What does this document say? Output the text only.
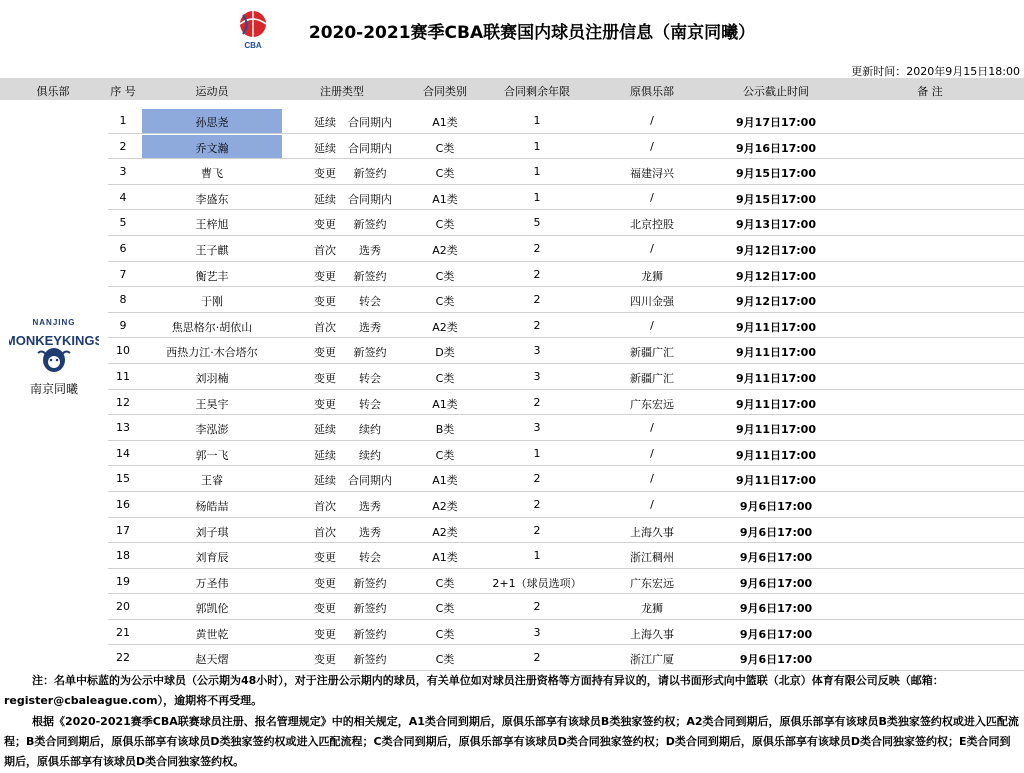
CBA
2020-2021赛季CBA联赛国内球员注册信息（南京同曦）
更新时间：2020年9月15日18:00
俱乐部	序 号	运动员	注册类型	合同类别	合同剩余年限	原俱乐部	公示截止时间	备 注
NANJING
MONKEYKINGS
南京同曦
1	孙思尧	延续 合同期内	A1类	1	/	9月17日17:00
2	乔文瀚	延续 合同期内	C类	1	/	9月16日17:00
3	曹飞	变更 新签约	C类	1	福建浔兴	9月15日17:00
4	李盛东	延续 合同期内	A1类	1	/	9月15日17:00
5	王梓旭	变更 新签约	C类	5	北京控股	9月13日17:00
6	王子麒	首次 选秀	A2类	2	/	9月12日17:00
7	衡艺丰	变更 新签约	C类	2	龙狮	9月12日17:00
8	于刚	变更 转会	C类	2	四川金强	9月12日17:00
9	焦思格尔·胡依山	首次 选秀	A2类	2	/	9月11日17:00
10	西热力江·木合塔尔	变更 新签约	D类	3	新疆广汇	9月11日17:00
11	刘羽楠	变更 转会	C类	3	新疆广汇	9月11日17:00
12	王昊宇	变更 转会	A1类	2	广东宏远	9月11日17:00
13	李泓澎	延续 续约	B类	3	/	9月11日17:00
14	郭一飞	延续 续约	C类	1	/	9月11日17:00
15	王睿	延续 合同期内	A1类	2	/	9月11日17:00
16	杨皓喆	首次 选秀	A2类	2	/	9月6日17:00
17	刘子琪	首次 选秀	A2类	2	上海久事	9月6日17:00
18	刘育辰	变更 转会	A1类	1	浙江稠州	9月6日17:00
19	万圣伟	变更 新签约	C类	2+1（球员选项）	广东宏远	9月6日17:00
20	郭凯伦	变更 新签约	C类	2	龙狮	9月6日17:00
21	黄世乾	变更 新签约	C类	3	上海久事	9月6日17:00
22	赵天熠	变更 新签约	C类	2	浙江广厦	9月6日17:00

注：名单中标蓝的为公示中球员（公示期为48小时），对于注册公示期内的球员，有关单位如对球员注册资格等方面持有异议的，请以书面形式向中篮联（北京）体育有限公司反映（邮箱：register@cbaleague.com），逾期将不再受理。

根据《2020-2021赛季CBA联赛球员注册、报名管理规定》中的相关规定，A1类合同到期后，原俱乐部享有该球员B类独家签约权；A2类合同到期后，原俱乐部享有该球员B类独家签约权或进入匹配流程；B类合同到期后，原俱乐部享有该球员D类独家签约权或进入匹配流程；C类合同到期后，原俱乐部享有该球员D类合同独家签约权；D类合同到期后，原俱乐部享有该球员D类合同独家签约权；E类合同到期后，原俱乐部享有该球员D类合同独家签约权。
